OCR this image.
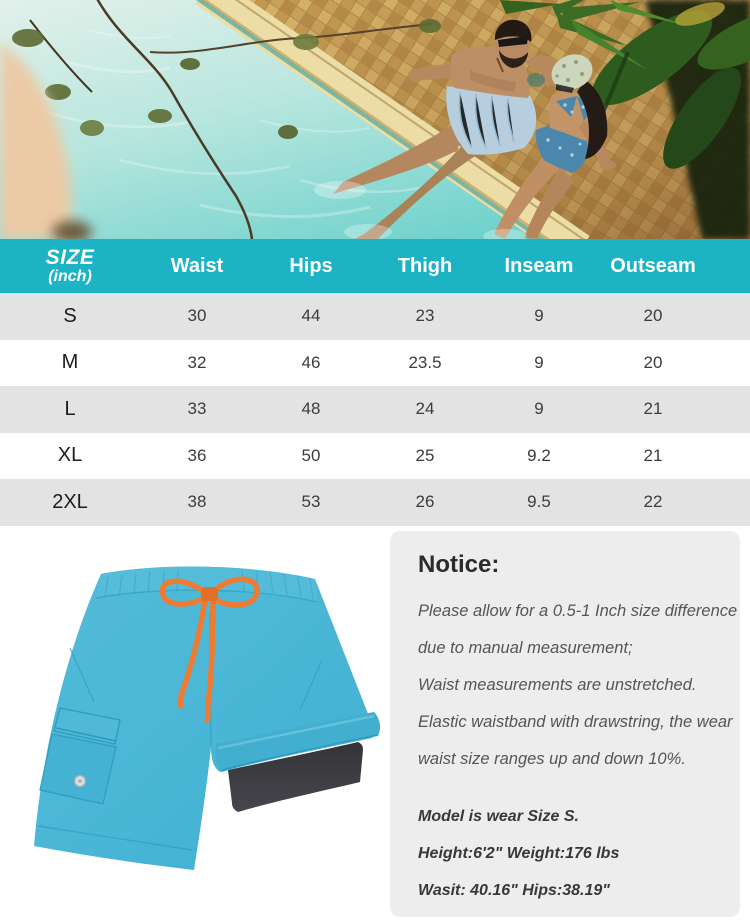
SIZE
(inch)	Waist	Hips	Thigh	Inseam	Outseam
S	30	44	23	9	20
M	32	46	23.5	9	20
L	33	48	24	9	21
XL	36	50	25	9.2	21
2XL	38	53	26	9.5	22
Notice:
Please allow for a 0.5-1 Inch size difference
due to manual measurement;
Waist measurements are unstretched.
Elastic waistband with drawstring, the wear
waist size ranges up and down 10%.
Model is wear Size S.
Height:6'2" Weight:176 lbs
Wasit: 40.16" Hips:38.19"
